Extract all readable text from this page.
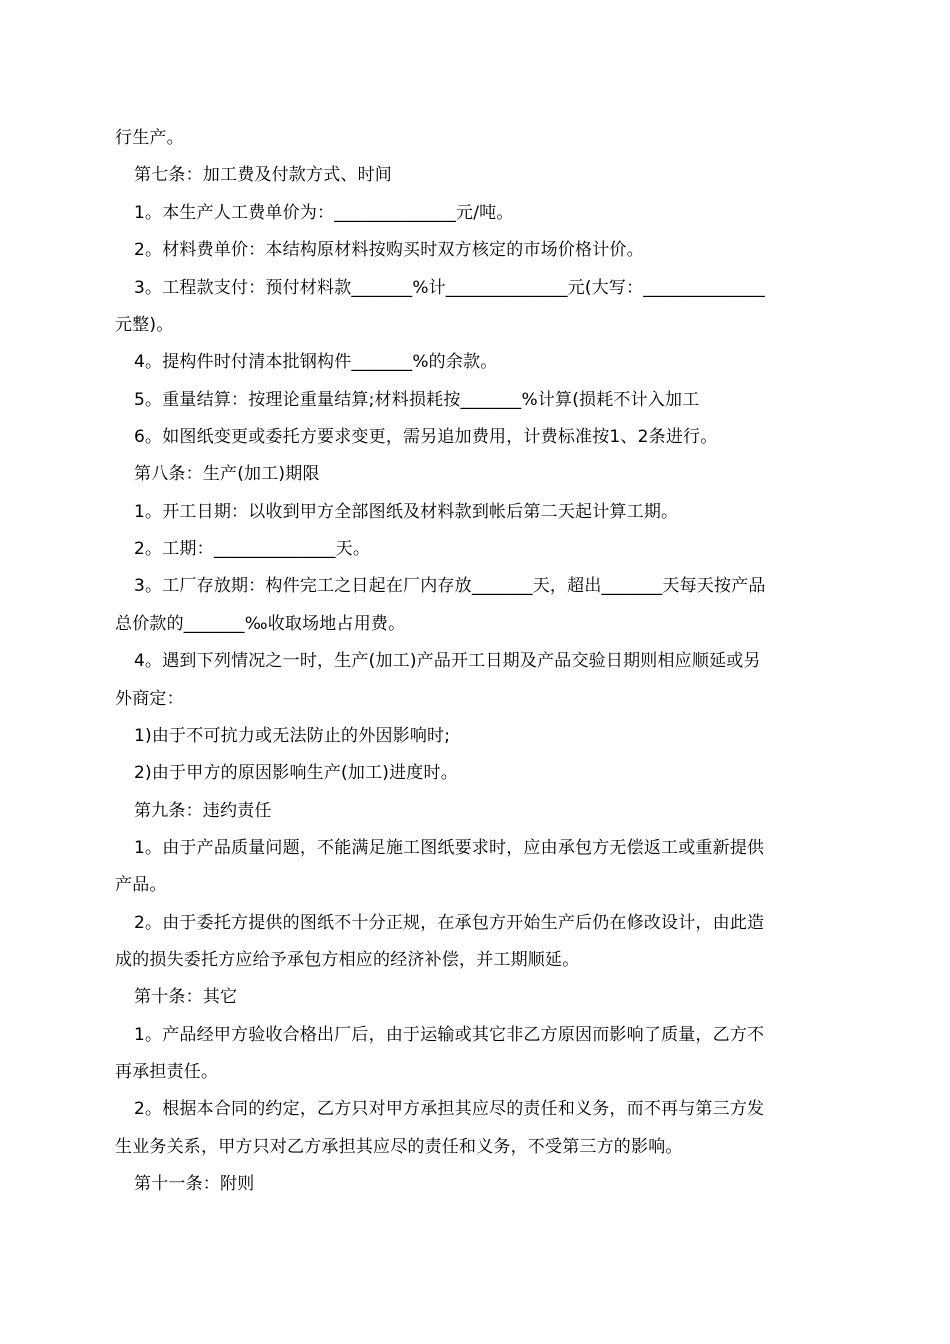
行生产。

第七条：加工费及付款方式、时间

1。本生产人工费单价为：______________元/吨。

2。材料费单价：本结构原材料按购买时双方核定的市场价格计价。

3。工程款支付：预付材料款_______%计______________元(大写：______________

元整)。

4。提构件时付清本批钢构件_______%的余款。

5。重量结算：按理论重量结算;材料损耗按_______%计算(损耗不计入加工

6。如图纸变更或委托方要求变更，需另追加费用，计费标准按1、2条进行。

第八条：生产(加工)期限

1。开工日期：以收到甲方全部图纸及材料款到帐后第二天起计算工期。

2。工期：______________天。

3。工厂存放期：构件完工之日起在厂内存放_______天，超出_______天每天按产品

总价款的_______‰收取场地占用费。

4。遇到下列情况之一时，生产(加工)产品开工日期及产品交验日期则相应顺延或另

外商定：

1)由于不可抗力或无法防止的外因影响时;

2)由于甲方的原因影响生产(加工)进度时。

第九条：违约责任

1。由于产品质量问题，不能满足施工图纸要求时，应由承包方无偿返工或重新提供

产品。

2。由于委托方提供的图纸不十分正规，在承包方开始生产后仍在修改设计，由此造

成的损失委托方应给予承包方相应的经济补偿，并工期顺延。

第十条：其它

1。产品经甲方验收合格出厂后，由于运输或其它非乙方原因而影响了质量，乙方不

再承担责任。

2。根据本合同的约定，乙方只对甲方承担其应尽的责任和义务，而不再与第三方发

生业务关系，甲方只对乙方承担其应尽的责任和义务，不受第三方的影响。

第十一条：附则
